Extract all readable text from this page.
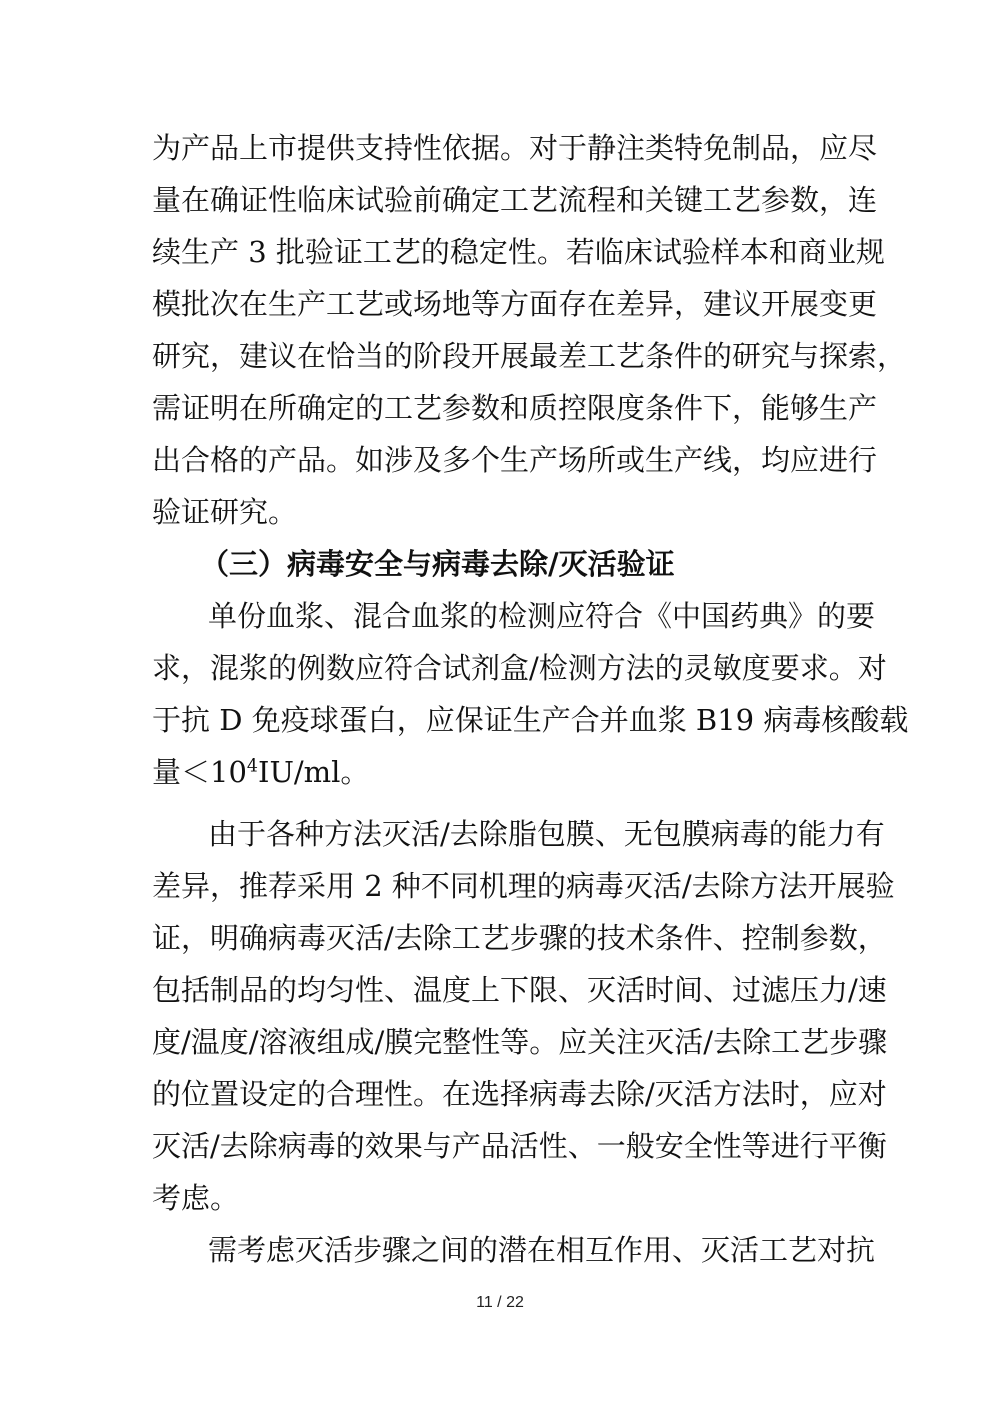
为产品上市提供支持性依据。对于静注类特免制品，应尽
量在确证性临床试验前确定工艺流程和关键工艺参数，连
续生产 3 批验证工艺的稳定性。若临床试验样本和商业规
模批次在生产工艺或场地等方面存在差异，建议开展变更
研究，建议在恰当的阶段开展最差工艺条件的研究与探索，
需证明在所确定的工艺参数和质控限度条件下，能够生产
出合格的产品。如涉及多个生产场所或生产线，均应进行
验证研究。
（三）病毒安全与病毒去除/灭活验证
单份血浆、混合血浆的检测应符合《中国药典》的要
求，混浆的例数应符合试剂盒/检测方法的灵敏度要求。对
于抗 D 免疫球蛋白，应保证生产合并血浆 B19 病毒核酸载
量$<10^4IU/ml$。
由于各种方法灭活/去除脂包膜、无包膜病毒的能力有
差异，推荐采用 2 种不同机理的病毒灭活/去除方法开展验
证，明确病毒灭活/去除工艺步骤的技术条件、控制参数，
包括制品的均匀性、温度上下限、灭活时间、过滤压力/速
度/温度/溶液组成/膜完整性等。应关注灭活/去除工艺步骤
的位置设定的合理性。在选择病毒去除/灭活方法时，应对
灭活/去除病毒的效果与产品活性、一般安全性等进行平衡
考虑。
需考虑灭活步骤之间的潜在相互作用、灭活工艺对抗
11 / 22
